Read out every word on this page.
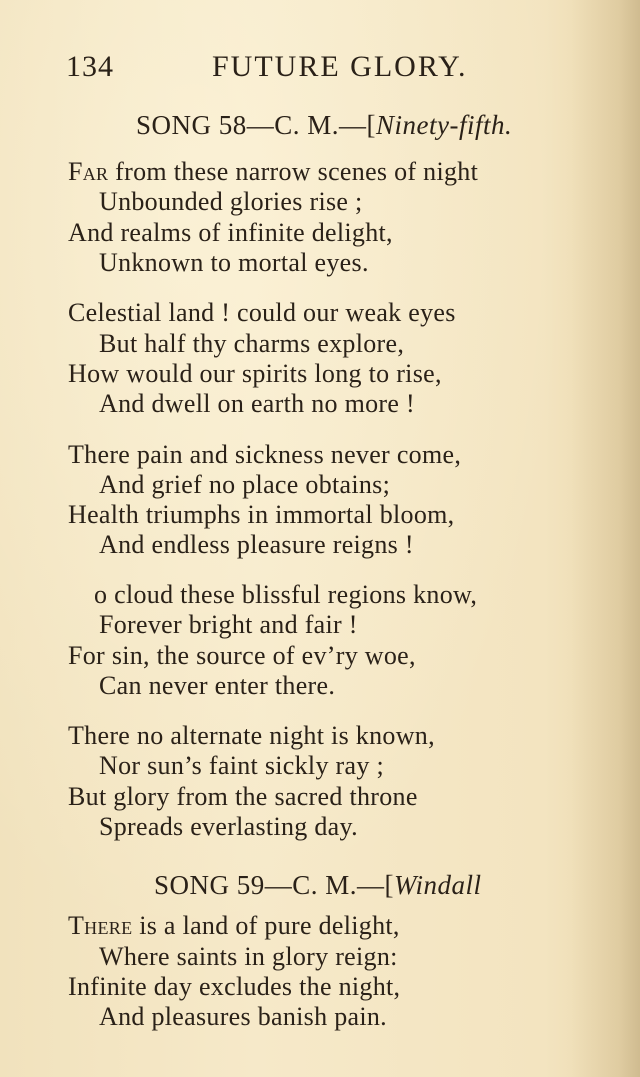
134	FUTURE GLORY.
SONG 58—C. M.—[Ninety-fifth.
Far from these narrow scenes of night
Unbounded glories rise ;
And realms of infinite delight,
Unknown to mortal eyes.
Celestial land ! could our weak eyes
But half thy charms explore,
How would our spirits long to rise,
And dwell on earth no more !
There pain and sickness never come,
And grief no place obtains;
Health triumphs in immortal bloom,
And endless pleasure reigns !
o cloud these blissful regions know,
Forever bright and fair !
For sin, the source of ev’ry woe,
Can never enter there.
There no alternate night is known,
Nor sun’s faint sickly ray ;
But glory from the sacred throne
Spreads everlasting day.
SONG 59—C. M.—[Windall
There is a land of pure delight,
Where saints in glory reign:
Infinite day excludes the night,
And pleasures banish pain.
